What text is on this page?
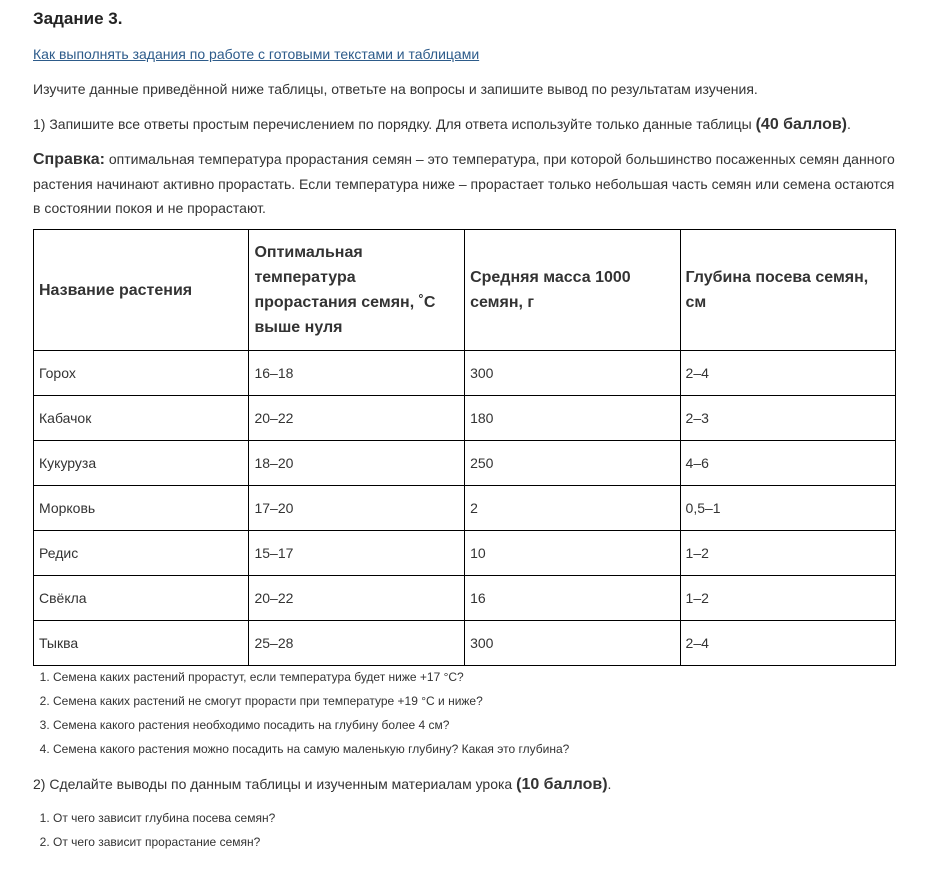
Задание 3.
Как выполнять задания по работе с готовыми текстами и таблицами

Изучите данные приведённой ниже таблицы, ответьте на вопросы и запишите вывод по результатам изучения.

1) Запишите все ответы простым перечислением по порядку. Для ответа используйте только данные таблицы (40 баллов).

Справка: оптимальная температура прорастания семян – это температура, при которой большинство посаженных семян данного растения начинают активно прорастать. Если температура ниже – прорастает только небольшая часть семян или семена остаются в состоянии покоя и не прорастают.

Название растения	Оптимальная температура прорастания семян, ˚С выше нуля	Средняя масса 1000 семян, г	Глубина посева семян, см
Горох	16–18	300	2–4
Кабачок	20–22	180	2–3
Кукуруза	18–20	250	4–6
Морковь	17–20	2	0,5–1
Редис	15–17	10	1–2
Свёкла	20–22	16	1–2
Тыква	25–28	300	2–4
1. Семена каких растений прорастут, если температура будет ниже +17 °С?
2. Семена каких растений не смогут прорасти при температуре +19 °С и ниже?
3. Семена какого растения необходимо посадить на глубину более 4 см?
4. Семена какого растения можно посадить на самую маленькую глубину? Какая это глубина?

2) Сделайте выводы по данным таблицы и изученным материалам урока (10 баллов).

1. От чего зависит глубина посева семян?
2. От чего зависит прорастание семян?
